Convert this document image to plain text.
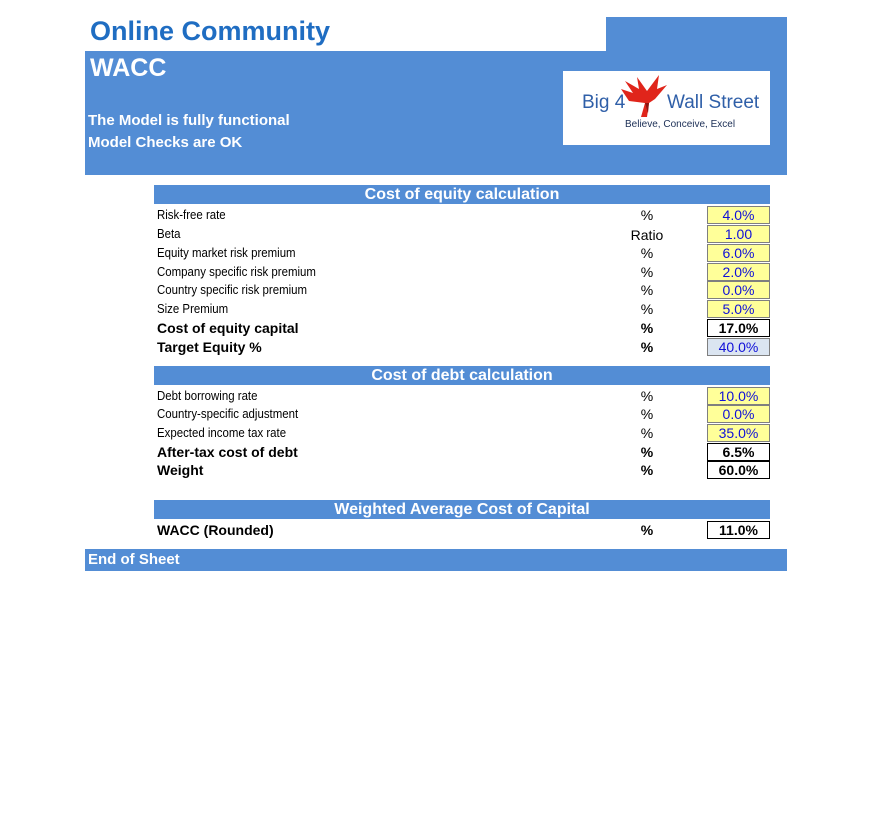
Online Community
WACC
The Model is fully functional
Model Checks are OK
Big 4 Wall Street
Believe, Conceive, Excel
Cost of equity calculation
Risk-free rate	%	4.0%
Beta	Ratio	1.00
Equity market risk premium	%	6.0%
Company specific risk premium	%	2.0%
Country specific risk premium	%	0.0%
Size Premium	%	5.0%
Cost of equity capital	%	17.0%
Target Equity %	%	40.0%
Cost of debt calculation
Debt borrowing rate	%	10.0%
Country-specific adjustment	%	0.0%
Expected income tax rate	%	35.0%
After-tax cost of debt	%	6.5%
Weight	%	60.0%
Weighted Average Cost of Capital
WACC (Rounded)	%	11.0%
End of Sheet
